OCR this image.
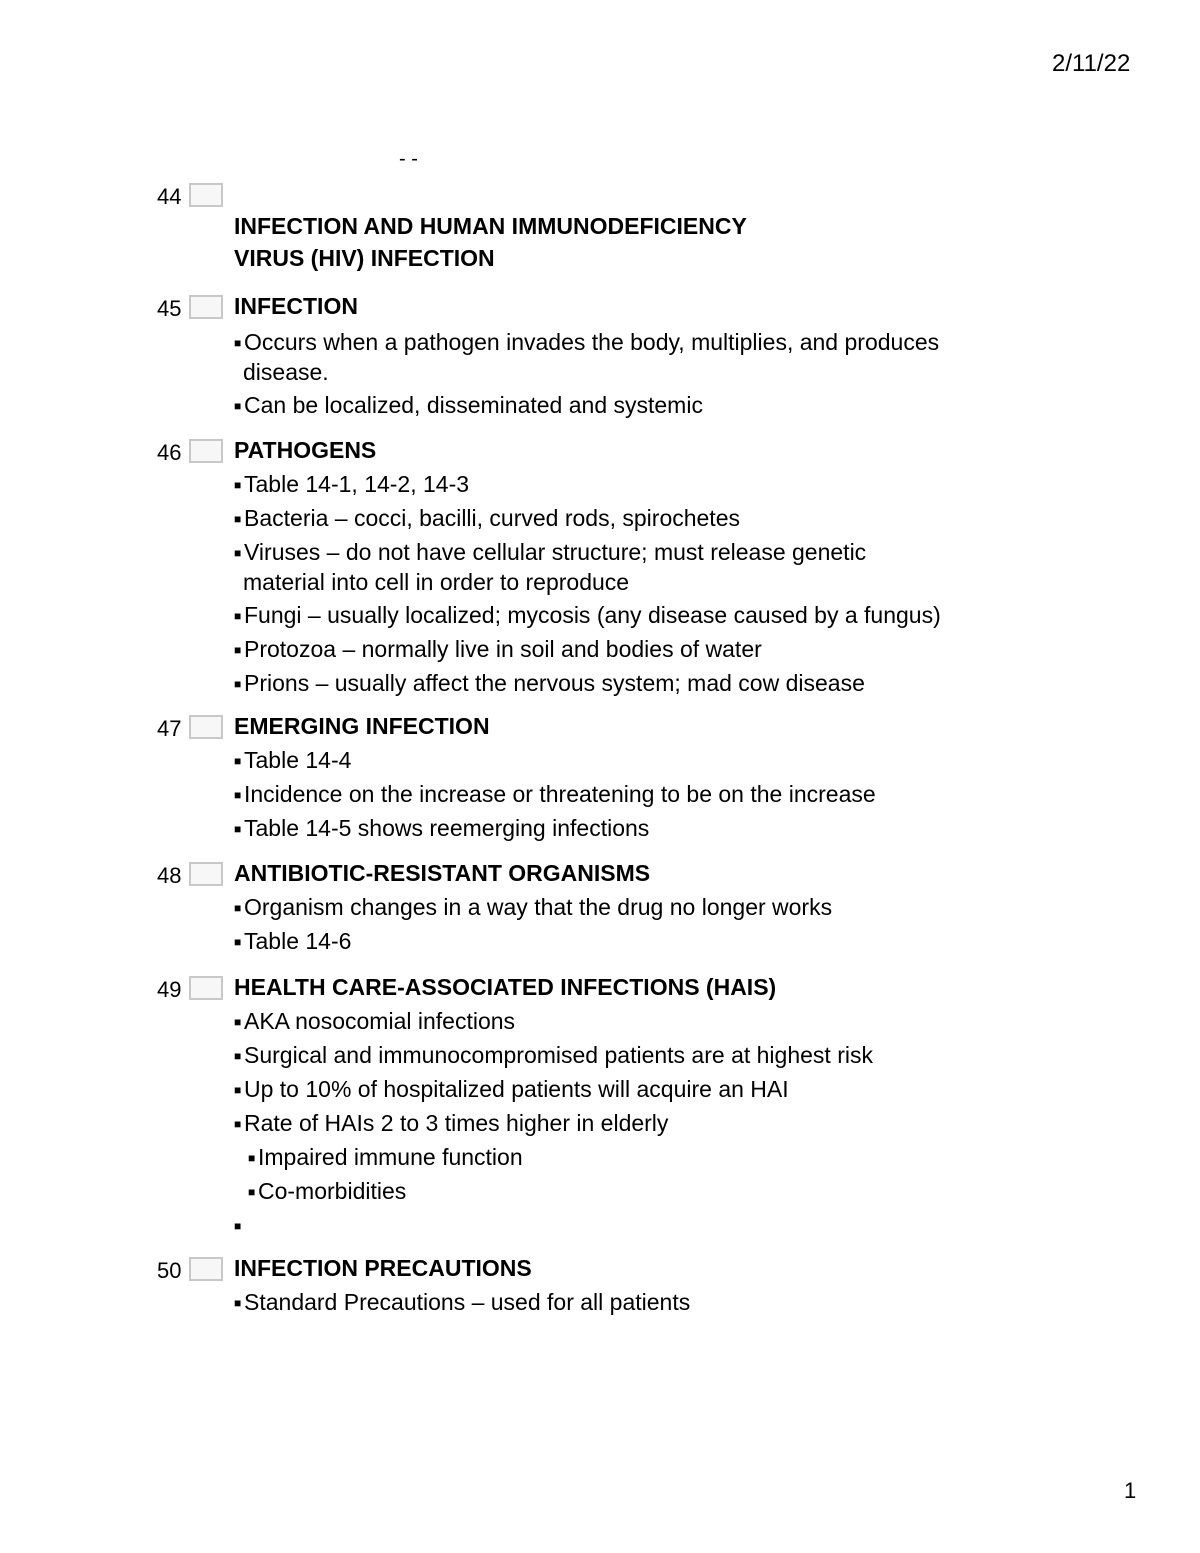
2/11/22
- -
44
INFECTION AND HUMAN IMMUNODEFICIENCY
VIRUS (HIV) INFECTION
45 INFECTION
■ Occurs when a pathogen invades the body, multiplies, and produces
disease.
■ Can be localized, disseminated and systemic
46 PATHOGENS
■ Table 14-1, 14-2, 14-3
■ Bacteria – cocci, bacilli, curved rods, spirochetes
■ Viruses – do not have cellular structure; must release genetic
material into cell in order to reproduce
■ Fungi – usually localized; mycosis (any disease caused by a fungus)
■ Protozoa – normally live in soil and bodies of water
■ Prions – usually affect the nervous system; mad cow disease
47 EMERGING INFECTION
■ Table 14-4
■ Incidence on the increase or threatening to be on the increase
■ Table 14-5 shows reemerging infections
48 ANTIBIOTIC-RESISTANT ORGANISMS
■ Organism changes in a way that the drug no longer works
■ Table 14-6
49 HEALTH CARE-ASSOCIATED INFECTIONS (HAIS)
■ AKA nosocomial infections
■ Surgical and immunocompromised patients are at highest risk
■ Up to 10% of hospitalized patients will acquire an HAI
■ Rate of HAIs 2 to 3 times higher in elderly
■ Impaired immune function
■ Co-morbidities
■
50 INFECTION PRECAUTIONS
■ Standard Precautions – used for all patients
1
